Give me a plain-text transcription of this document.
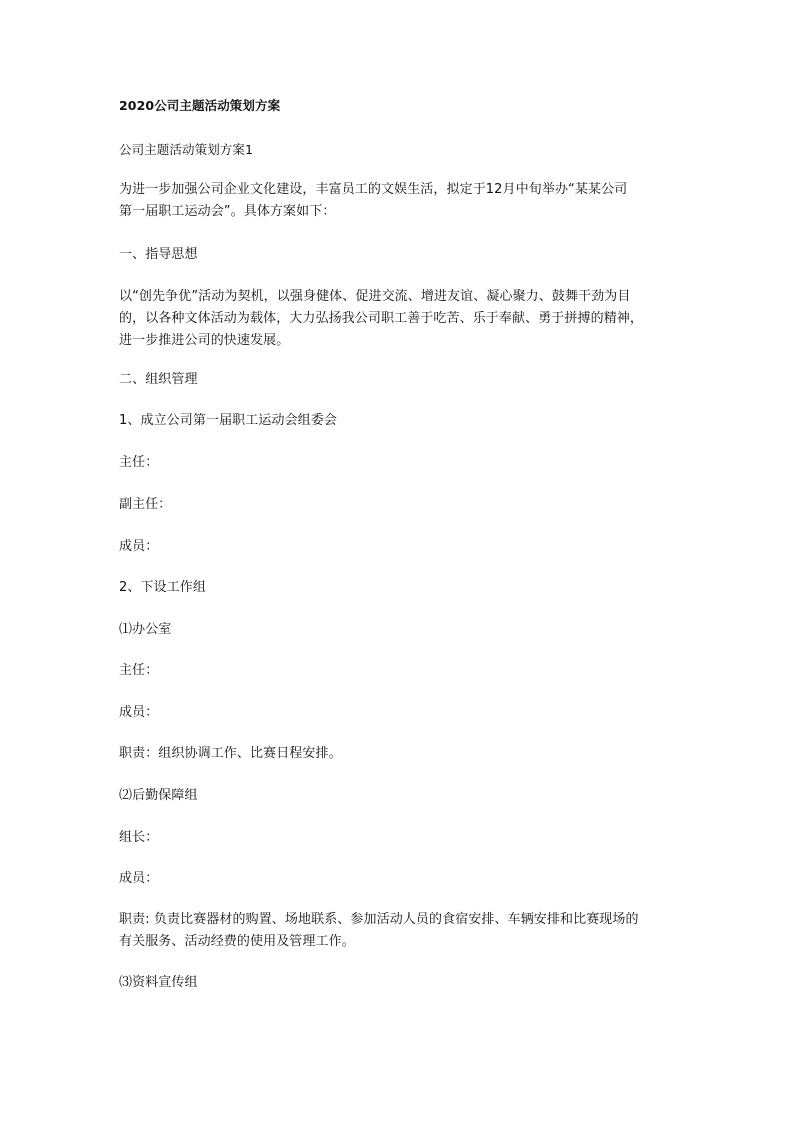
2020公司主题活动策划方案
公司主题活动策划方案1
为进一步加强公司企业文化建设，丰富员工的文娱生活，拟定于12月中旬举办“某某公司
第一届职工运动会”。具体方案如下：
一、指导思想
以“创先争优”活动为契机，以强身健体、促进交流、增进友谊、凝心聚力、鼓舞干劲为目
的，以各种文体活动为载体，大力弘扬我公司职工善于吃苦、乐于奉献、勇于拼搏的精神，
进一步推进公司的快速发展。
二、组织管理
1、成立公司第一届职工运动会组委会
主任：
副主任：
成员：
2、下设工作组
⑴办公室
主任：
成员：
职责：组织协调工作、比赛日程安排。
⑵后勤保障组
组长：
成员：
职责: 负责比赛器材的购置、场地联系、参加活动人员的食宿安排、车辆安排和比赛现场的
有关服务、活动经费的使用及管理工作。
⑶资料宣传组
